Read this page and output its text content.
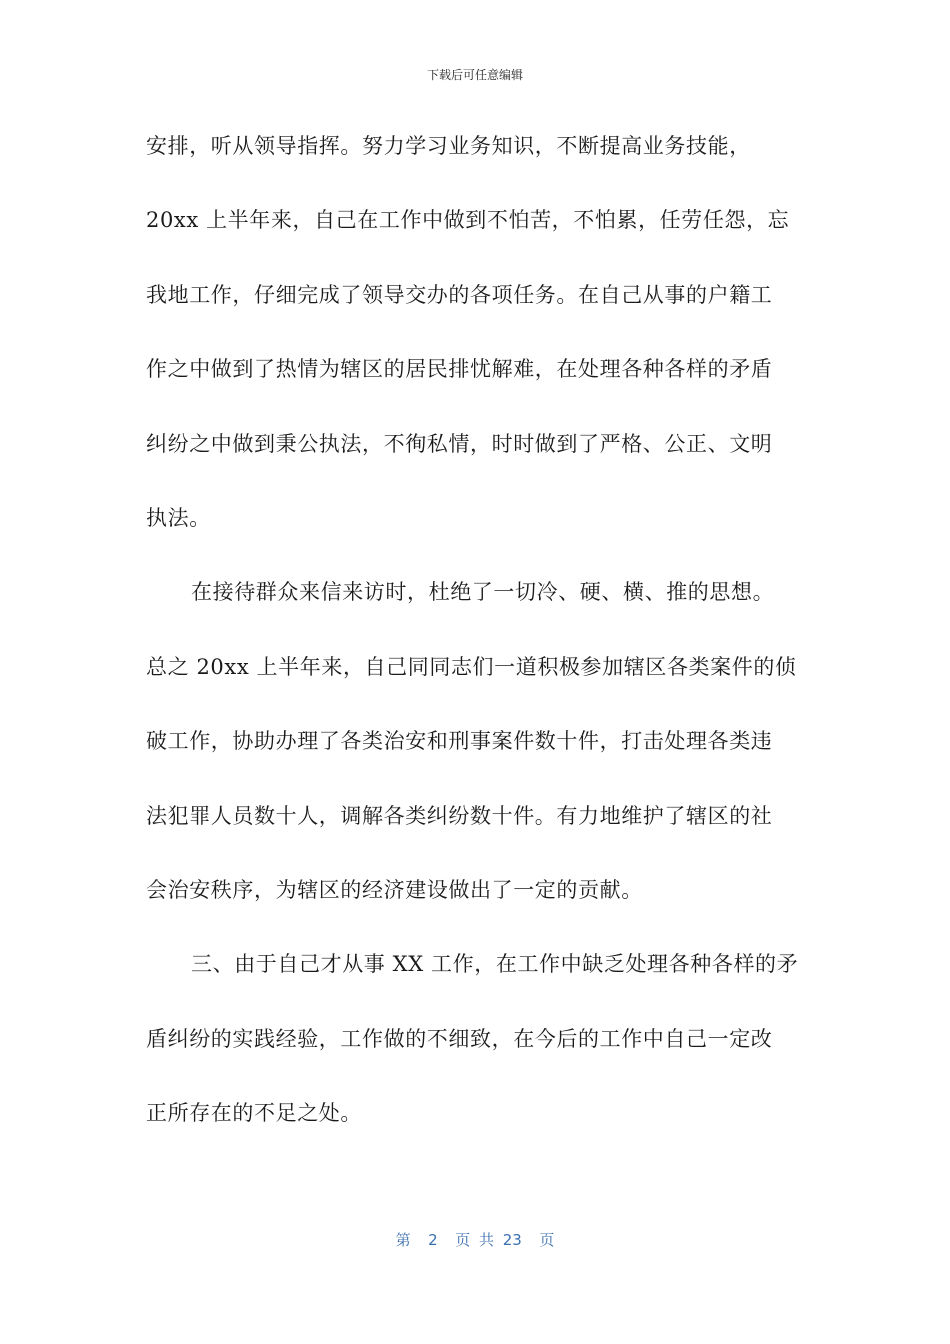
下载后可任意编辑
安排，听从领导指挥。努力学习业务知识，不断提高业务技能，
20xx 上半年来，自己在工作中做到不怕苦，不怕累，任劳任怨，忘
我地工作，仔细完成了领导交办的各项任务。在自己从事的户籍工
作之中做到了热情为辖区的居民排忧解难，在处理各种各样的矛盾
纠纷之中做到秉公执法，不徇私情，时时做到了严格、公正、文明
执法。
在接待群众来信来访时，杜绝了一切冷、硬、横、推的思想。
总之 20xx 上半年来，自己同同志们一道积极参加辖区各类案件的侦
破工作，协助办理了各类治安和刑事案件数十件，打击处理各类违
法犯罪人员数十人，调解各类纠纷数十件。有力地维护了辖区的社
会治安秩序，为辖区的经济建设做出了一定的贡献。
三、由于自己才从事 XX 工作，在工作中缺乏处理各种各样的矛
盾纠纷的实践经验，工作做的不细致，在今后的工作中自己一定改
正所存在的不足之处。
第  2  页 共 23  页
